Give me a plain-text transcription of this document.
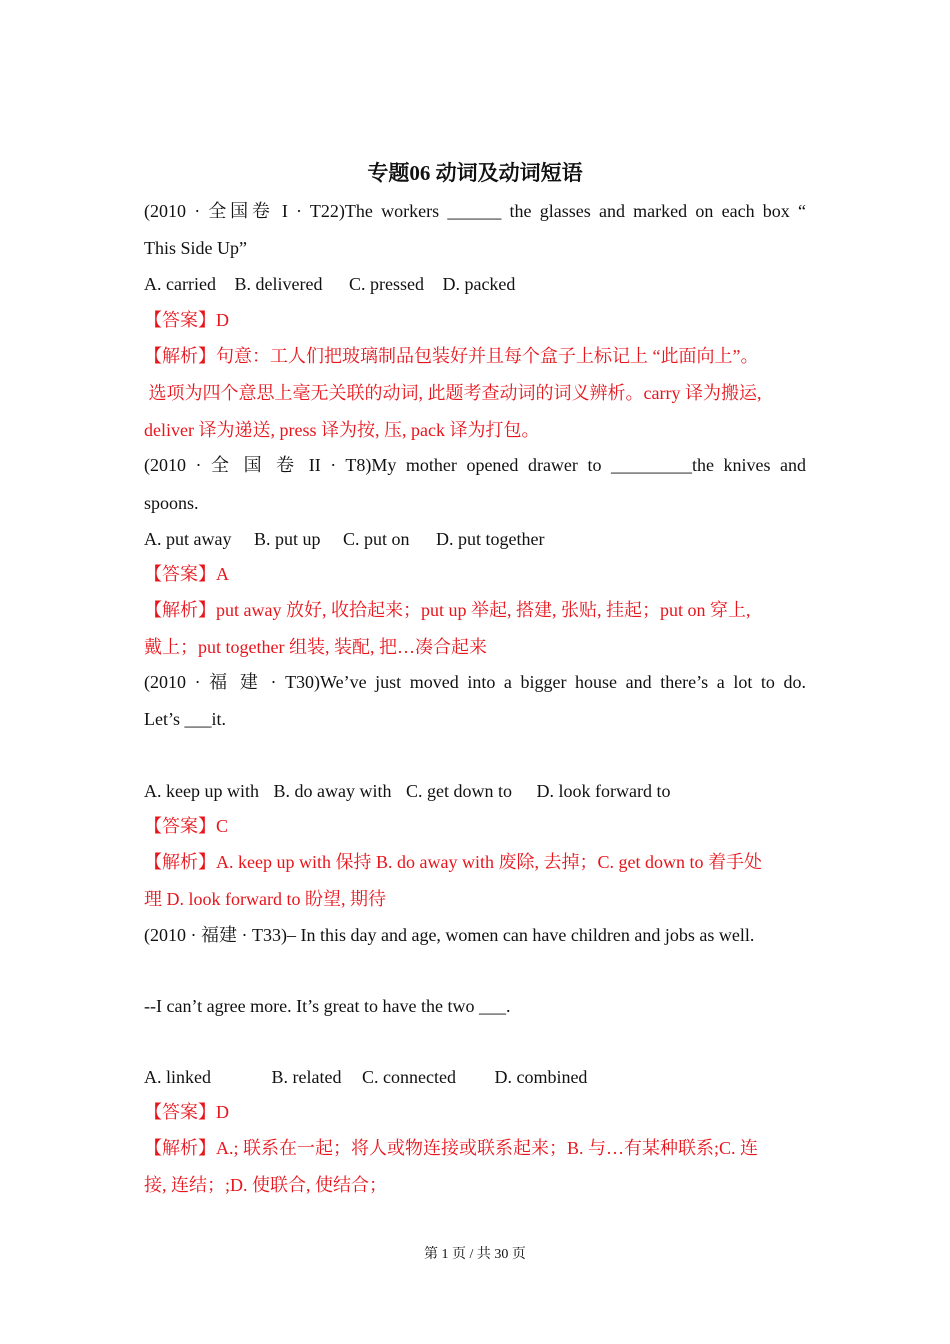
专题06 动词及动词短语
(2010 · 全国卷 I · T22)The workers ______ the glasses and marked on each box “
This Side Up”
A. carried B. delivered C. pressed D. packed
【答案】D
【解析】句意：工人们把玻璃制品包装好并且每个盒子上标记上 “此面向上”。
选项为四个意思上毫无关联的动词, 此题考查动词的词义辨析。carry 译为搬运,
deliver 译为递送, press 译为按, 压, pack 译为打包。
(2010 · 全 国 卷 II · T8)My mother opened drawer to _________the knives and
spoons.
A. put away B. put up C. put on D. put together
【答案】A
【解析】put away 放好, 收拾起来；put up 举起, 搭建, 张贴, 挂起；put on 穿上,
戴上；put together 组装, 装配, 把…凑合起来
(2010 · 福 建 · T30)We’ve just moved into a bigger house and there’s a lot to do.
Let’s ___it.
A. keep up with B. do away with C. get down to D. look forward to
【答案】C
【解析】A. keep up with 保持 B. do away with 废除, 去掉；C. get down to 着手处
理 D. look forward to 盼望, 期待
(2010 · 福建 · T33)– In this day and age, women can have children and jobs as well.
--I can’t agree more. It’s great to have the two ___.
A. linked	B. related C. connected D. combined
【答案】D
【解析】A.; 联系在一起；将人或物连接或联系起来；B. 与…有某种联系;C. 连
接, 连结；;D. 使联合, 使结合；
第 1 页 / 共 30 页
